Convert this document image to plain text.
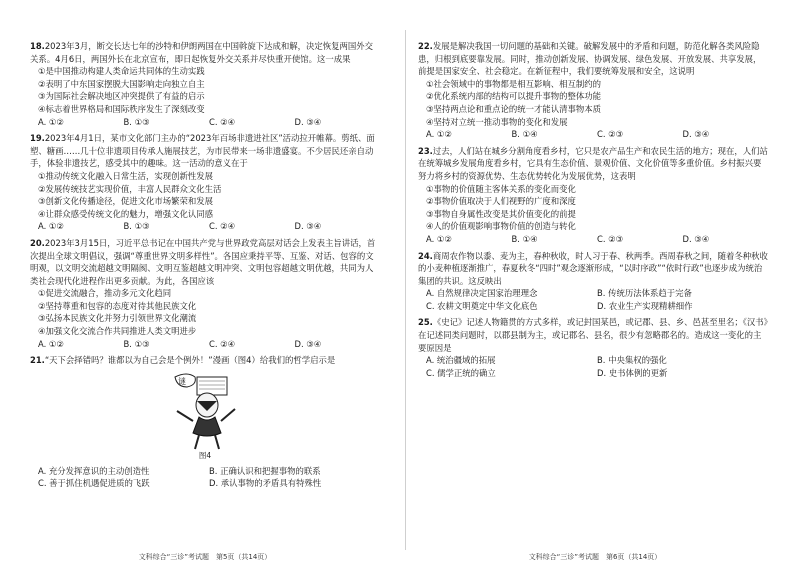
18.2023年3月，断交长达七年的沙特和伊朗两国在中国斡旋下达成和解，决定恢复两国外交关系。4月6日，两国外长在北京宣布，即日起恢复外交关系并尽快重开使馆。这一成果
①是中国推动构建人类命运共同体的生动实践
②表明了中东国家摆脱大国影响走向独立自主
③为国际社会解决地区冲突提供了有益的启示
④标志着世界格局和国际秩序发生了深刻改变
A. ①②	B. ①③	C. ②④	D. ③④
19.2023年4月1日，某市文化部门主办的“2023年百场非遗进社区”活动拉开帷幕。剪纸、面塑、糖画……几十位非遗项目传承人施展技艺，为市民带来一场非遗盛宴。不少居民还亲自动手，体验非遗技艺，感受其中的趣味。这一活动的意义在于
①推动传统文化融入日常生活，实现创新性发展
②发展传统技艺实现价值，丰富人民群众文化生活
③创新文化传播途径，促进文化市场繁荣和发展
④让群众感受传统文化的魅力，增强文化认同感
A. ①②	B. ①③	C. ②④	D. ③④
20.2023年3月15日，习近平总书记在中国共产党与世界政党高层对话会上发表主旨讲话，首次提出全球文明倡议，强调“尊重世界文明多样性”。各国应秉持平等、互鉴、对话、包容的文明观，以文明交流超越文明隔阂、文明互鉴超越文明冲突、文明包容超越文明优越，共同为人类社会现代化进程作出更多贡献。为此，各国应该
①促进交流融合，推动多元文化趋同
②坚持尊重和包容的态度对待其他民族文化
③弘扬本民族文化并努力引领世界文化潮流
④加强文化交流合作共同推进人类文明进步
A. ①②	B. ①③	C. ②④	D. ③④
21.“天下会择错吗？谁都以为自己会是个例外！”漫画（图4）给我们的哲学启示是
谜
图4
A. 充分发挥意识的主动创造性	B. 正确认识和把握事物的联系
C. 善于抓住机遇促进质的飞跃	D. 承认事物的矛盾具有特殊性
22.发展是解决我国一切问题的基础和关键。破解发展中的矛盾和问题，防范化解各类风险隐患，归根到底要靠发展。同时，推动创新发展、协调发展、绿色发展、开放发展、共享发展，前提是国家安全、社会稳定。在新征程中，我们要统筹发展和安全，这说明
①社会领域中的事物都是相互影响、相互制约的
②优化系统内部的结构可以提升事物的整体功能
③坚持两点论和重点论的统一才能认清事物本质
④坚持对立统一推动事物的变化和发展
A. ①②	B. ①④	C. ②③	D. ③④
23.过去，人们站在城乡分割角度看乡村，它只是农产品生产和农民生活的地方；现在，人们站在统筹城乡发展角度看乡村，它具有生态价值、景观价值、文化价值等多重价值。乡村振兴要努力将乡村的资源优势、生态优势转化为发展优势，这表明
①事物的价值随主客体关系的变化而变化
②事物价值取决于人们视野的广度和深度
③事物自身属性改变是其价值变化的前提
④人的价值观影响事物价值的创造与转化
A. ①②	B. ①④	C. ②③	D. ③④
24.商周农作物以黍、麦为主，春种秋收，时人习于春、秋两季。西周春秋之间，随着冬种秋收的小麦种植逐渐推广，春夏秋冬“四时”观念逐渐形成，“以时序政”“依时行政”也逐步成为统治集团的共识。这反映出
A. 自然规律决定国家治理理念	B. 传统历法体系趋于完备
C. 农耕文明奠定中华文化底色	D. 农业生产实现精耕细作
25.《史记》记述人物籍贯的方式多样，或记封国某邑，或记郡、县、乡、邑甚至里名；《汉书》在记述同类问题时，以郡县制为主，或记郡名、县名，很少有忽略郡名的。造成这一变化的主要原因是
A. 统治疆域的拓展	B. 中央集权的强化
C. 儒学正统的确立	D. 史书体例的更新
文科综合“三诊”考试题　第5页（共14页）	文科综合“三诊”考试题　第6页（共14页）
